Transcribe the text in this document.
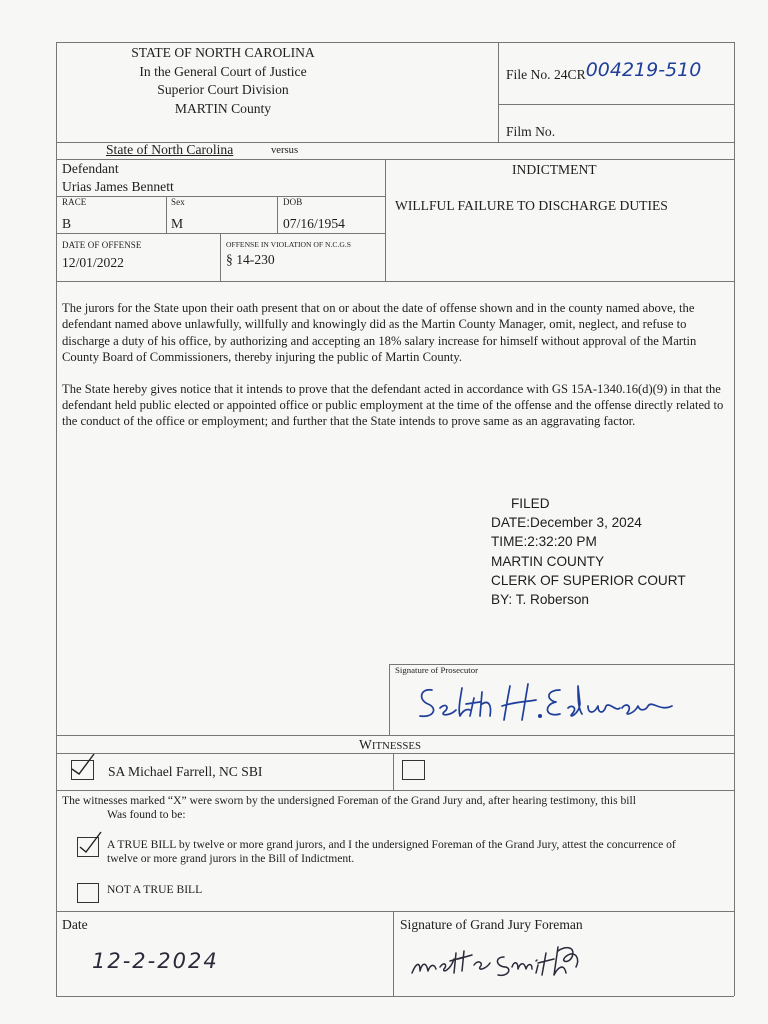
STATE OF NORTH CAROLINA
In the General Court of Justice
Superior Court Division
MARTIN County
File No. 24CR004219-510
Film No.
State of North Carolina	versus
Defendant
Urias James Bennett
RACE
B
Sex
M
DOB
07/16/1954
DATE OF OFFENSE
12/01/2022
OFFENSE IN VIOLATION OF N.C.G.S
§ 14-230
INDICTMENT
WILLFUL FAILURE TO DISCHARGE DUTIES

The jurors for the State upon their oath present that on or about the date of offense shown and in the county named above, the defendant named above unlawfully, willfully and knowingly did as the Martin County Manager, omit, neglect, and refuse to discharge a duty of his office, by authorizing and accepting an 18% salary increase for himself without approval of the Martin County Board of Commissioners, thereby injuring the public of Martin County.

The State hereby gives notice that it intends to prove that the defendant acted in accordance with GS 15A-1340.16(d)(9) in that the defendant held public elected or appointed office or public employment at the time of the offense and the offense directly related to the conduct of the office or employment; and further that the State intends to prove same as an aggravating factor.

FILED
DATE:December 3, 2024
TIME:2:32:20 PM
MARTIN COUNTY
CLERK OF SUPERIOR COURT
BY: T. Roberson
Signature of Prosecutor
WITNESSES
SA Michael Farrell, NC SBI
The witnesses marked “X” were sworn by the undersigned Foreman of the Grand Jury and, after hearing testimony, this bill
Was found to be:
A TRUE BILL by twelve or more grand jurors, and I the undersigned Foreman of the Grand Jury, attest the concurrence of
twelve or more grand jurors in the Bill of Indictment.
NOT A TRUE BILL
Date
12-2-2024
Signature of Grand Jury Foreman
